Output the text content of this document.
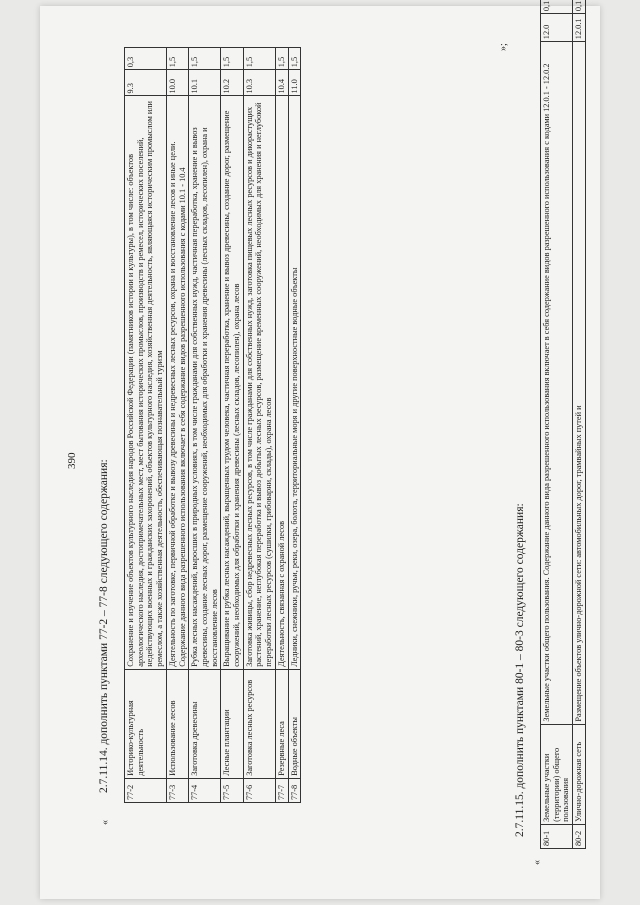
390
«
2.7.11.14. дополнить пунктами 77-2 – 77-8 следующего содержания: 77-2	Историко-культурная деятельность	Сохранение и изучение объектов культурного наследия народов Российской Федерации (памятников истории и культуры), в том числе: объектов археологического наследия, достопримечательных мест, мест бытования исторических промыслов, производств и ремесел, исторических поселений, недействующих военных и гражданских захоронений, объектов культурного наследия, хозяйственная деятельность, являющаяся историческим промыслом или ремеслом, а также хозяйственная деятельность, обеспечивающая познавательный туризм	9.3	0,3
77-3	Использование лесов	Деятельность по заготовке, первичной обработке и вывозу древесины и недревесных лесных ресурсов, охрана и восстановление лесов и иные цели. Содержание данного вида разрешенного использования включает в себя содержание видов разрешенного использования с кодами 10.1 - 10.4	10.0	1,5
77-4	Заготовка древесины	Рубка лесных насаждений, выросших в природных условиях, в том числе гражданами для собственных нужд, частичная переработка, хранение и вывоз древесины, создание лесных дорог, размещение сооружений, необходимых для обработки и хранения древесины (лесных складов, лесопилен), охрана и восстановление лесов	10.1	1,5
77-5	Лесные плантации	Выращивание и рубка лесных насаждений, выращенных трудом человека, частичная переработка, хранение и вывоз древесины, создание дорог, размещение сооружений, необходимых для обработки и хранения древесины (лесных складов, лесопилен), охрана лесов	10.2	1,5
77-6	Заготовка лесных ресурсов	Заготовка живицы, сбор недревесных лесных ресурсов, в том числе гражданами для собственных нужд, заготовка пищевых лесных ресурсов и дикорастущих растений, хранение, неглубокая переработка и вывоз добытых лесных ресурсов, размещение временных сооружений, необходимых для хранения и неглубокой переработки лесных ресурсов (сушилки, грибоварни, склады), охрана лесов	10.3	1,5
77-7	Резервные леса	Деятельность, связанная с охраной лесов	10.4	1,5
77-8	Водные объекты	Ледники, снежники, ручьи, реки, озера, болота, территориальные моря и другие поверхностные водные объекты	11.0	1,5
»;
«
2.7.11.15. дополнить пунктами 80-1 – 80-3 следующего содержания:
80-1	Земельные участки (территории) общего пользования	Земельные участки общего пользования. Содержание данного вида разрешенного использования включает в себя содержание видов разрешенного использования с кодами 12.0.1 - 12.0.2	12.0	0,1
80-2	Улично-дорожная сеть	Размещение объектов улично-дорожной сети: автомобильных дорог, трамвайных путей и	12.0.1	0,1
